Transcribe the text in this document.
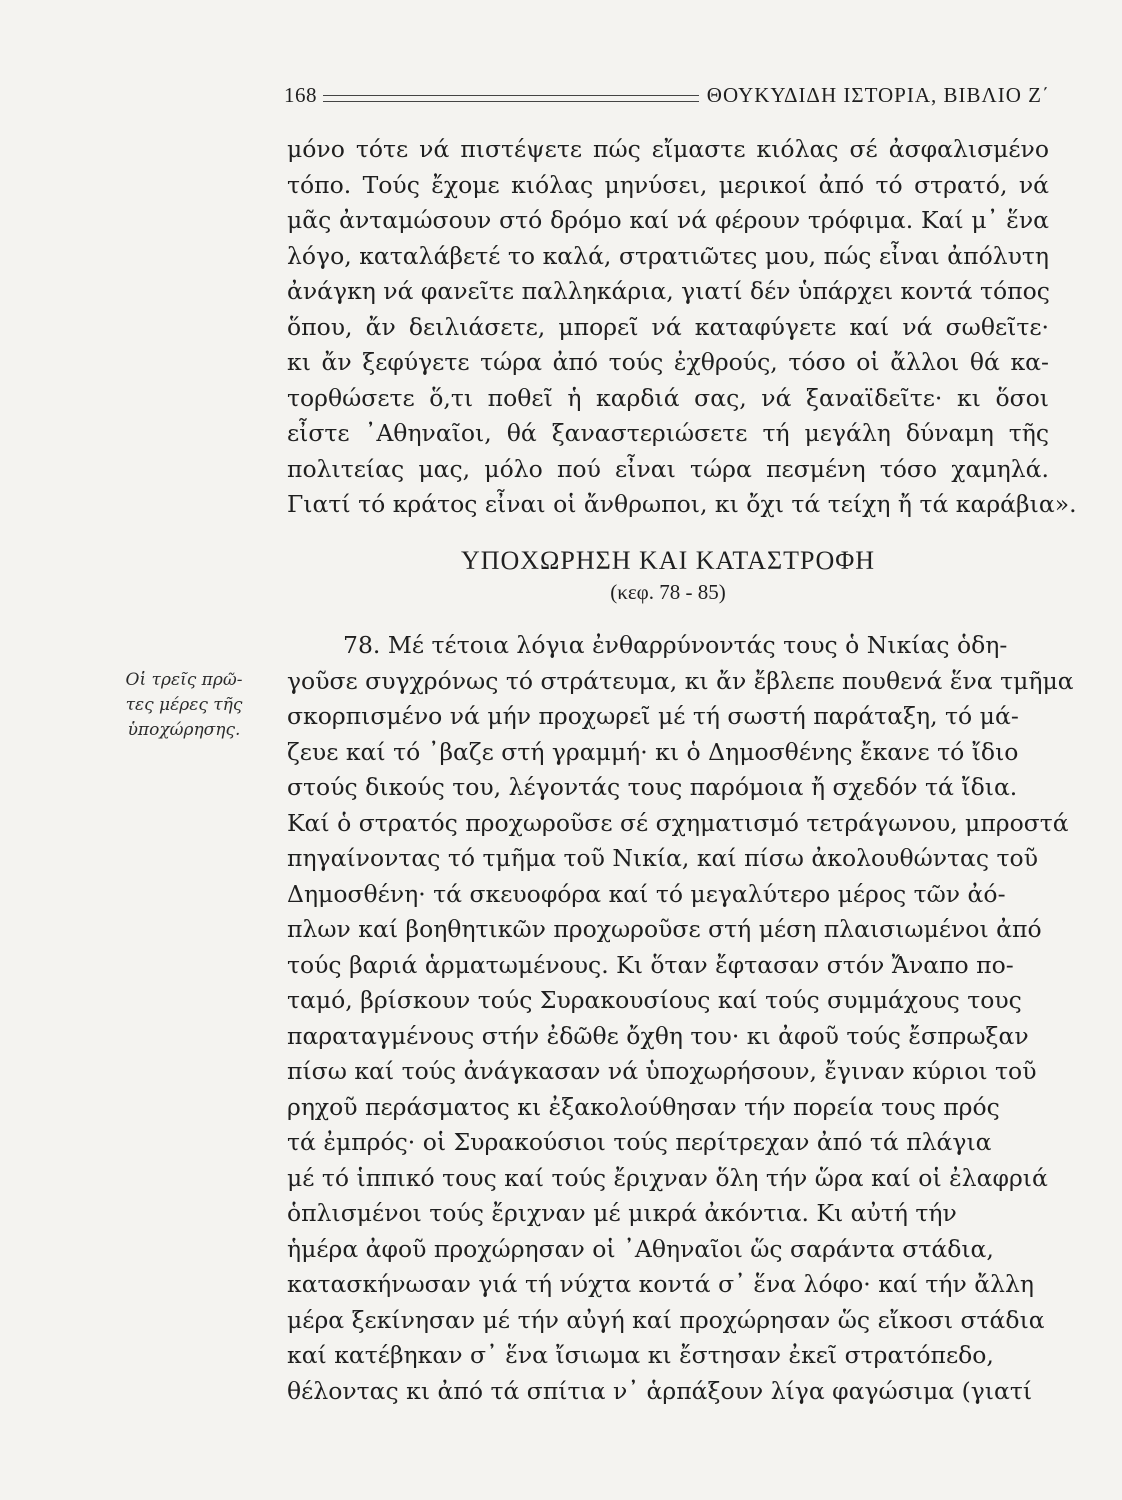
168	ΘΟΥΚΥΔΙΔΗ ΙΣΤΟΡΙΑ, ΒΙΒΛΙΟ Ζ΄
μόνο τότε νά πιστέψετε πώς εἴμαστε κιόλας σέ ἀσφαλισμένο
τόπο. Τούς ἔχομε κιόλας μηνύσει, μερικοί ἀπό τό στρατό, νά
μᾶς ἀνταμώσουν στό δρόμο καί νά φέρουν τρόφιμα. Καί μ᾽ ἕνα
λόγο, καταλάβετέ το καλά, στρατιῶτες μου, πώς εἶναι ἀπόλυτη
ἀνάγκη νά φανεῖτε παλληκάρια, γιατί δέν ὑπάρχει κοντά τόπος
ὅπου, ἄν δειλιάσετε, μπορεῖ νά καταφύγετε καί νά σωθεῖτε·
κι ἄν ξεφύγετε τώρα ἀπό τούς ἐχθρούς, τόσο οἱ ἄλλοι θά κα-
τορθώσετε ὅ,τι ποθεῖ ἡ καρδιά σας, νά ξαναϊδεῖτε· κι ὅσοι
εἶστε ᾽Αθηναῖοι, θά ξαναστεριώσετε τή μεγάλη δύναμη τῆς
πολιτείας μας, μόλο πού εἶναι τώρα πεσμένη τόσο χαμηλά.
Γιατί τό κράτος εἶναι οἱ ἄνθρωποι, κι ὄχι τά τείχη ἤ τά καράβια».
ΥΠΟΧΩΡΗΣΗ ΚΑΙ ΚΑΤΑΣΤΡΟΦΗ
(κεφ. 78 - 85)
Οἱ τρεῖς πρῶ-
τες μέρες τῆς
ὑποχώρησης.
78. Μέ τέτοια λόγια ἐνθαρρύνοντάς τους ὁ Νικίας ὁδη-
γοῦσε συγχρόνως τό στράτευμα, κι ἄν ἔβλεπε πουθενά ἕνα τμῆμα
σκορπισμένο νά μήν προχωρεῖ μέ τή σωστή παράταξη, τό μά-
ζευε καί τό ᾽βαζε στή γραμμή· κι ὁ Δημοσθένης ἔκανε τό ἴδιο
στούς δικούς του, λέγοντάς τους παρόμοια ἤ σχεδόν τά ἴδια.
Καί ὁ στρατός προχωροῦσε σέ σχηματισμό τετράγωνου, μπροστά
πηγαίνοντας τό τμῆμα τοῦ Νικία, καί πίσω ἀκολουθώντας τοῦ
Δημοσθένη· τά σκευοφόρα καί τό μεγαλύτερο μέρος τῶν ἀό-
πλων καί βοηθητικῶν προχωροῦσε στή μέση πλαισιωμένοι ἀπό
τούς βαριά ἁρματωμένους. Κι ὅταν ἔφτασαν στόν Ἄναπο πο-
ταμό, βρίσκουν τούς Συρακουσίους καί τούς συμμάχους τους
παραταγμένους στήν ἐδῶθε ὄχθη του· κι ἀφοῦ τούς ἔσπρωξαν
πίσω καί τούς ἀνάγκασαν νά ὑποχωρήσουν, ἔγιναν κύριοι τοῦ
ρηχοῦ περάσματος κι ἐξακολούθησαν τήν πορεία τους πρός
τά ἐμπρός· οἱ Συρακούσιοι τούς περίτρεχαν ἀπό τά πλάγια
μέ τό ἱππικό τους καί τούς ἔριχναν ὅλη τήν ὥρα καί οἱ ἐλαφριά
ὁπλισμένοι τούς ἔριχναν μέ μικρά ἀκόντια. Κι αὐτή τήν
ἡμέρα ἀφοῦ προχώρησαν οἱ ᾽Αθηναῖοι ὥς σαράντα στάδια,
κατασκήνωσαν γιά τή νύχτα κοντά σ᾽ ἕνα λόφο· καί τήν ἄλλη
μέρα ξεκίνησαν μέ τήν αὐγή καί προχώρησαν ὥς εἴκοσι στάδια
καί κατέβηκαν σ᾽ ἕνα ἴσιωμα κι ἔστησαν ἐκεῖ στρατόπεδο,
θέλοντας κι ἀπό τά σπίτια ν᾽ ἁρπάξουν λίγα φαγώσιμα (γιατί
